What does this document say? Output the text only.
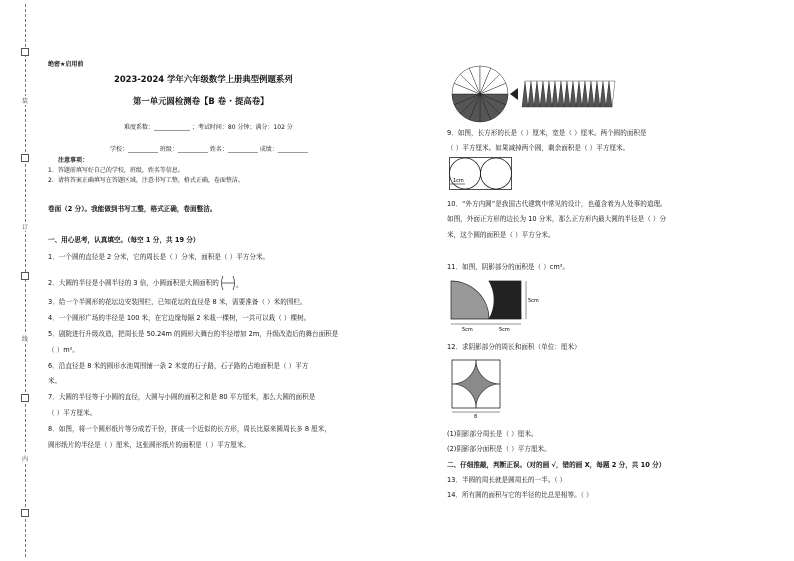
装
订
线
内
绝密★启用前
2023-2024 学年六年级数学上册典型例题系列
第一单元圆检测卷【B 卷 · 提高卷】
难度系数：____________ ；考试时间：80 分钟；满分：102 分
学校：__________ 班级：__________ 姓名：__________ 成绩：__________
注意事项：
1．答题前填写好自己的学校，班级，姓名等信息。
2．请将答案正确填写在答题区域，注意书写工整，格式正确，卷面整洁。
卷面（2 分）。我能做到书写工整，格式正确，卷面整洁。
一、用心思考，认真填空。（每空 1 分，共 19 分）
1．一个圆的直径是 2 分米，它的周长是（ ）分米，面积是（ ）平方分米。
2．大圆的半径是小圆半径的 3 倍，小圆面积是大圆面积的 。
3．给一个半圆形的花坛边安装围栏，已知花坛的直径是 8 米，需要准备（ ）米的围栏。
4．一个圆形广场的半径是 100 米，在它边缘每隔 2 米栽一棵树，一共可以栽（ ）棵树。
5．剧院进行升级改造，把周长是 50.24m 的圆形大舞台的半径增加 2m，升级改造后的舞台面积是
（ ）m²。
6．沿直径是 8 米的圆形水池周围铺一条 2 米宽的石子路，石子路的占地面积是（ ）平方
米。
7．大圆的半径等于小圆的直径，大圆与小圆的面积之和是 80 平方厘米，那么大圆的面积是
（ ）平方厘米。
8．如图，将一个圆形纸片等分成若干份，拼成一个近似的长方形，周长比原来圆周长多 8 厘米，
圆形纸片的半径是（ ）厘米，这张圆形纸片的面积是（ ）平方厘米。
9．如图，长方形的长是（ ）厘米，宽是（ ）厘米。两个圆的面积是
（ ）平方厘米。如果减掉两个圆，剩余面积是（ ）平方厘米。
1cm
10．“外方内圆”是我国古代建筑中常见的设计，也蕴含着为人处事的道理。
如图，外面正方形的边长为 10 分米，那么正方形内最大圆的半径是（ ）分
米，这个圆的面积是（ ）平方分米。
11．如图，阴影部分的面积是（ ）cm²。
5cm	5cm
5cm
12．求阴影部分的周长和面积（单位：厘米）
8
(1)阴影部分周长是（ ）厘米。
(2)阴影部分面积是（ ）平方厘米。
二、仔细推敲，判断正误。（对的画 √，错的画 X，每题 2 分，共 10 分）
13．半圆的周长就是圆周长的一半。（ ）
14．所有圆的面积与它的半径的比总是相等。（ ）
